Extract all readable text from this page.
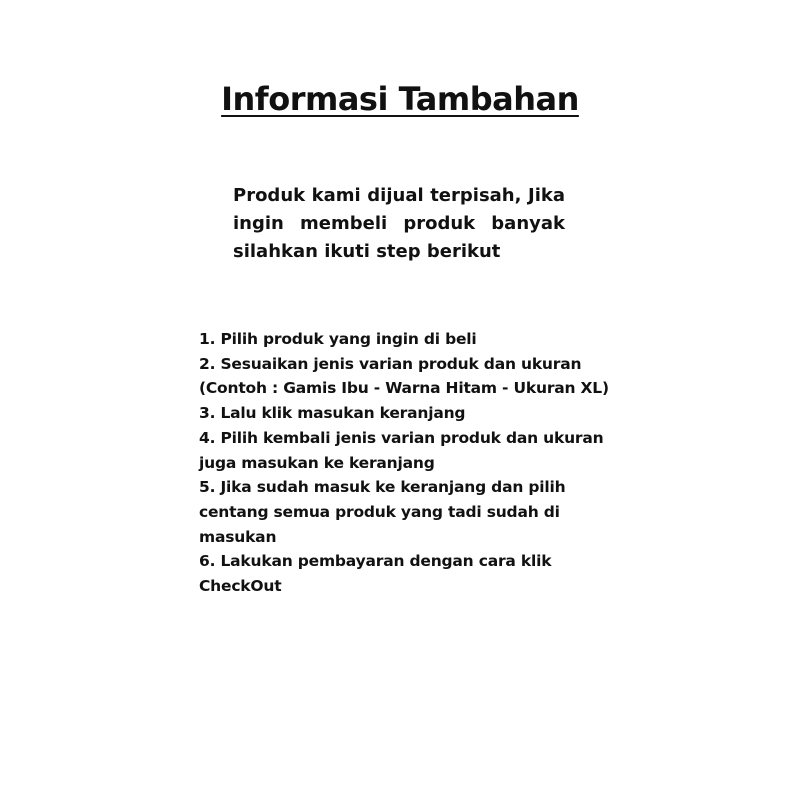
Informasi Tambahan

Produk kami dijual terpisah, Jika ingin membeli produk banyak silahkan ikuti step berikut

1. Pilih produk yang ingin di beli
2. Sesuaikan jenis varian produk dan ukuran (Contoh : Gamis Ibu - Warna Hitam - Ukuran XL)
3. Lalu klik masukan keranjang
4. Pilih kembali jenis varian produk dan ukuran juga masukan ke keranjang
5. Jika sudah masuk ke keranjang dan pilih centang semua produk yang tadi sudah di masukan
6. Lakukan pembayaran dengan cara klik CheckOut
